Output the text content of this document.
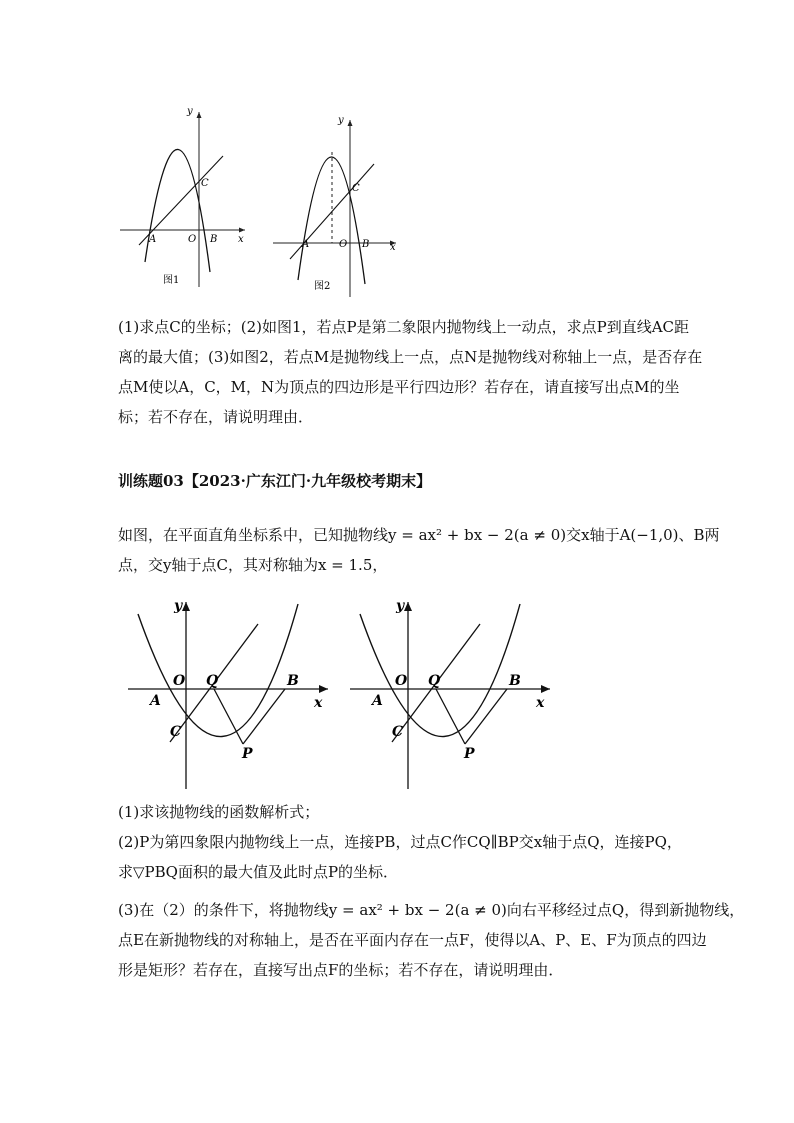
y
x
O
A	B
C
图1
y
x
O
A	B
C
图2
(1)求点C的坐标；(2)如图1，若点P是第二象限内抛物线上一动点，求点P到直线AC距
离的最大值；(3)如图2，若点M是抛物线上一点，点N是抛物线对称轴上一点，是否存在
点M使以A，C，M，N为顶点的四边形是平行四边形？若存在，请直接写出点M的坐
标；若不存在，请说明理由．
训练题03【2023·广东江门·九年级校考期末】
如图，在平面直角坐标系中，已知抛物线y = ax² + bx − 2(a ≠ 0)交x轴于A(−1,0)、B两
点，交y轴于点C，其对称轴为x = 1.5，
y
x
O Q	B
A
C
P
y
x
O Q	B
A
C
P
(1)求该抛物线的函数解析式；
(2)P为第四象限内抛物线上一点，连接PB，过点C作CQ∥BP交x轴于点Q，连接PQ，
求▽PBQ面积的最大值及此时点P的坐标．
(3)在（2）的条件下，将抛物线y = ax² + bx − 2(a ≠ 0)向右平移经过点Q，得到新抛物线，
点E在新抛物线的对称轴上，是否在平面内存在一点F，使得以A、P、E、F为顶点的四边
形是矩形？若存在，直接写出点F的坐标；若不存在，请说明理由．
